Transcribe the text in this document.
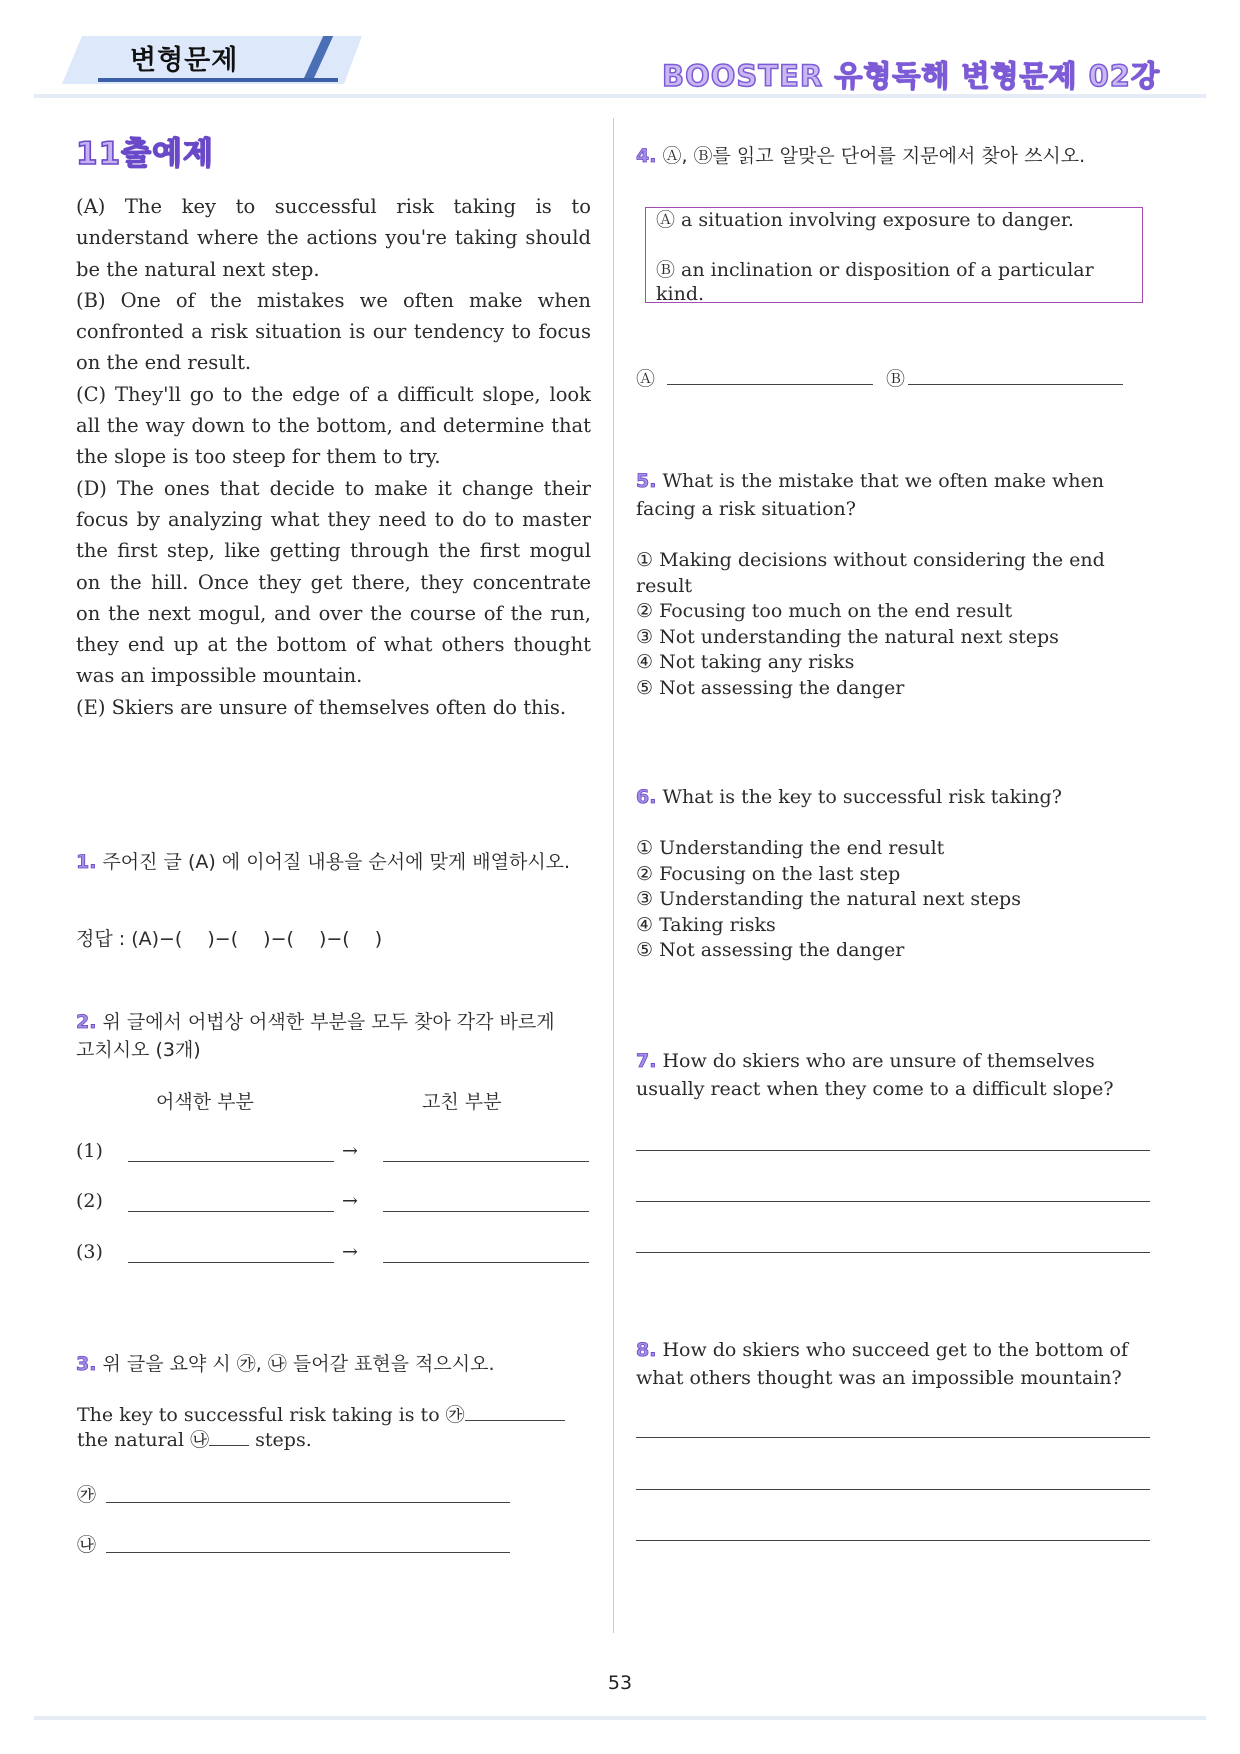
변형문제	BOOSTER 유형독해 변형문제 02강
11출예제

(A) The key to successful risk taking is to understand where the actions you're taking should be the natural next step.

(B) One of the mistakes we often make when confronted a risk situation is our tendency to focus on the end result.

(C) They'll go to the edge of a difficult slope, look all the way down to the bottom, and determine that the slope is too steep for them to try.

(D) The ones that decide to make it change their focus by analyzing what they need to do to master the first step, like getting through the first mogul on the hill. Once they get there, they concentrate on the next mogul, and over the course of the run, they end up at the bottom of what others thought was an impossible mountain.

(E) Skiers are unsure of themselves often do this.

1. 주어진 글 (A) 에 이어질 내용을 순서에 맞게 배열하시오.
정답 : (A)−(　 )−(　 )−(　 )−(　 )
2. 위 글에서 어법상 어색한 부분을 모두 찾아 각각 바르게 고치시오 (3개)
어색한 부분	고친 부분
(1)	→
(2)	→
(3)	→
3. 위 글을 요약 시 ㉮, ㉯ 들어갈 표현을 적으시오.
The key to successful risk taking is to ㉮
the natural ㉯ steps.
㉮
㉯
4. Ⓐ, Ⓑ를 읽고 알맞은 단어를 지문에서 찾아 쓰시오.
Ⓐ a situation involving exposure to danger.
Ⓑ an inclination or disposition of a particular kind.
Ⓐ	Ⓑ
5. What is the mistake that we often make when facing a risk situation?
① Making decisions without considering the end result
② Focusing too much on the end result
③ Not understanding the natural next steps
④ Not taking any risks
⑤ Not assessing the danger
6. What is the key to successful risk taking?
① Understanding the end result
② Focusing on the last step
③ Understanding the natural next steps
④ Taking risks
⑤ Not assessing the danger
7. How do skiers who are unsure of themselves usually react when they come to a difficult slope?
8. How do skiers who succeed get to the bottom of what others thought was an impossible mountain?
53
